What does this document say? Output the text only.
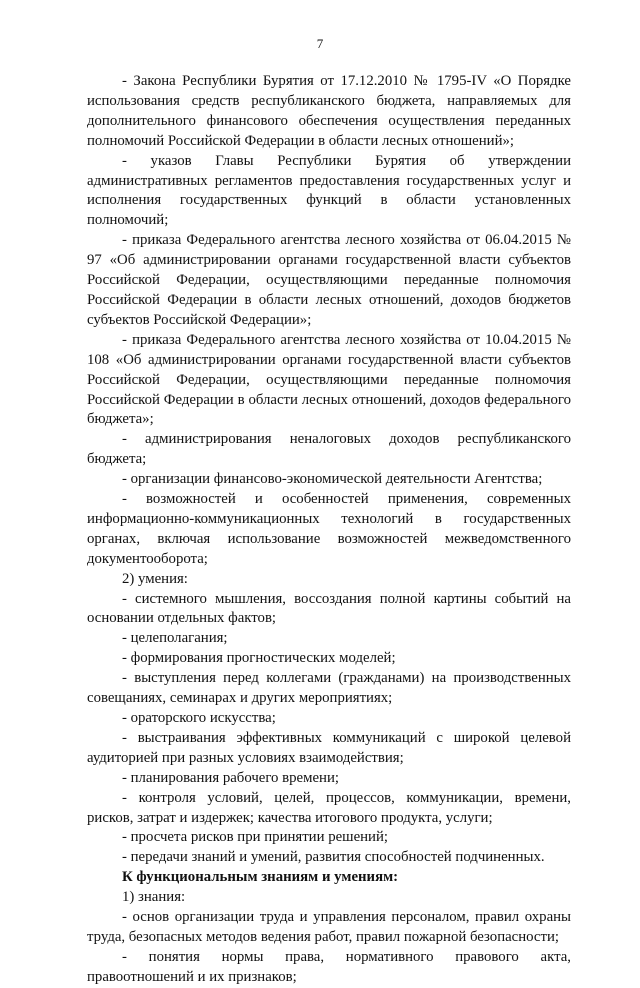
7

- Закона Республики Бурятия от 17.12.2010 № 1795-IV «О Порядке использования средств республиканского бюджета, направляемых для дополнительного финансового обеспечения осуществления переданных полномочий Российской Федерации в области лесных отношений»;

- указов Главы Республики Бурятия об утверждении административных регламентов предоставления государственных услуг и исполнения государственных функций в области установленных полномочий;

- приказа Федерального агентства лесного хозяйства от 06.04.2015 № 97 «Об администрировании органами государственной власти субъектов Российской Федерации, осуществляющими переданные полномочия Российской Федерации в области лесных отношений, доходов бюджетов субъектов Российской Федерации»;

- приказа Федерального агентства лесного хозяйства от 10.04.2015 № 108 «Об администрировании органами государственной власти субъектов Российской Федерации, осуществляющими переданные полномочия Российской Федерации в области лесных отношений, доходов федерального бюджета»;

- администрирования неналоговых доходов республиканского бюджета;

- организации финансово-экономической деятельности Агентства;

- возможностей и особенностей применения, современных информационно-коммуникационных технологий в государственных органах, включая использование возможностей межведомственного документооборота;

2) умения:

- системного мышления, воссоздания полной картины событий на основании отдельных фактов;

- целеполагания;

- формирования прогностических моделей;

- выступления перед коллегами (гражданами) на производственных совещаниях, семинарах и других мероприятиях;

- ораторского искусства;

- выстраивания эффективных коммуникаций с широкой целевой аудиторией при разных условиях взаимодействия;

- планирования рабочего времени;

- контроля условий, целей, процессов, коммуникации, времени, рисков, затрат и издержек; качества итогового продукта, услуги;

- просчета рисков при принятии решений;

- передачи знаний и умений, развития способностей подчиненных.

К функциональным знаниям и умениям:

1) знания:

- основ организации труда и управления персоналом, правил охраны труда, безопасных методов ведения работ, правил пожарной безопасности;

- понятия нормы права, нормативного правового акта, правоотношений и их признаков;
